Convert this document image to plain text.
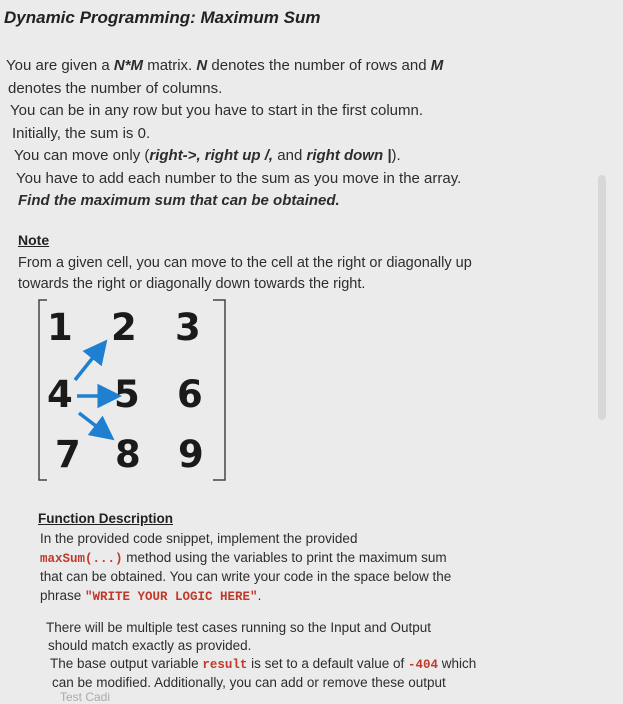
Dynamic Programming: Maximum Sum
You are given a N*M matrix. N denotes the number of rows and M
denotes the number of columns.
You can be in any row but you have to start in the first column.
Initially, the sum is 0.
You can move only (right->, right up /, and right down |).
You have to add each number to the sum as you move in the array.
Find the maximum sum that can be obtained.
Note
From a given cell, you can move to the cell at the right or diagonally up
towards the right or diagonally down towards the right.
1 2 3
4 5 6
7 8 9
Function Description
In the provided code snippet, implement the provided
maxSum(...) method using the variables to print the maximum sum
that can be obtained. You can write your code in the space below the
phrase "WRITE YOUR LOGIC HERE".
There will be multiple test cases running so the Input and Output
should match exactly as provided.
The base output variable result is set to a default value of -404 which
can be modified. Additionally, you can add or remove these output
Test Cadi
